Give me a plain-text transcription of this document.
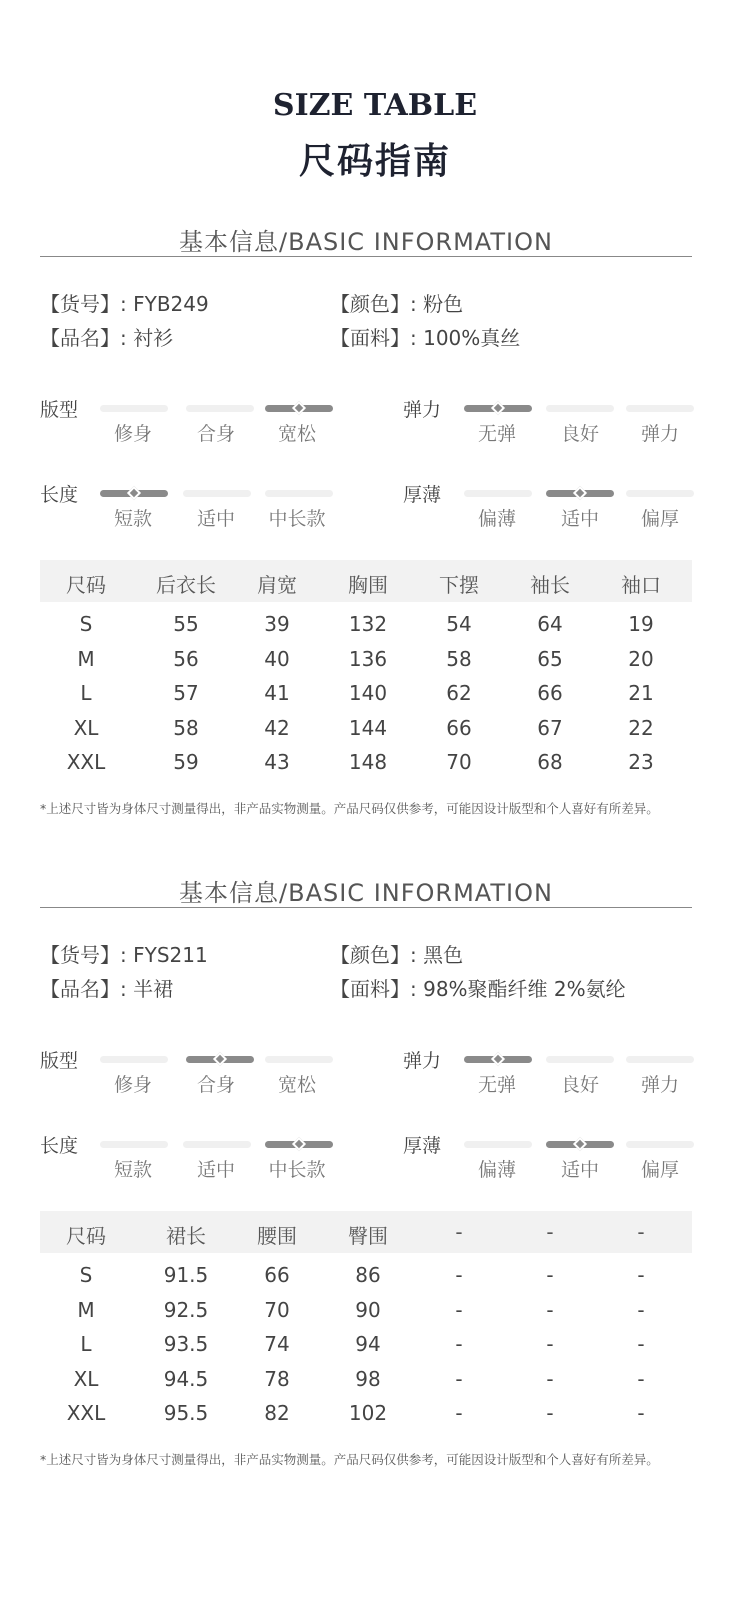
SIZE TABLE
尺码指南
基本信息/BASIC INFORMATION
【货号】: FYB249
【品名】: 衬衫
【颜色】: 粉色
【面料】: 100%真丝
版型
修身	合身	宽松
弹力
无弹	良好	弹力
长度
短款	适中	中长款
厚薄
偏薄	适中	偏厚
尺码	后衣长	肩宽	胸围	下摆	袖长	袖口
S	55	39	132	54	64	19
M	56	40	136	58	65	20
L	57	41	140	62	66	21
XL	58	42	144	66	67	22
XXL	59	43	148	70	68	23
*上述尺寸皆为身体尺寸测量得出，非产品实物测量。产品尺码仅供参考，可能因设计版型和个人喜好有所差异。
基本信息/BASIC INFORMATION
【货号】: FYS211
【品名】: 半裙
【颜色】: 黑色
【面料】: 98%聚酯纤维 2%氨纶
版型
修身	合身	宽松
弹力
无弹	良好	弹力
长度
短款	适中	中长款
厚薄
偏薄	适中	偏厚
尺码	裙长	腰围	臀围	-	-	-
S	91.5	66	86	-	-	-
M	92.5	70	90	-	-	-
L	93.5	74	94	-	-	-
XL	94.5	78	98	-	-	-
XXL	95.5	82	102	-	-	-
*上述尺寸皆为身体尺寸测量得出，非产品实物测量。产品尺码仅供参考，可能因设计版型和个人喜好有所差异。
